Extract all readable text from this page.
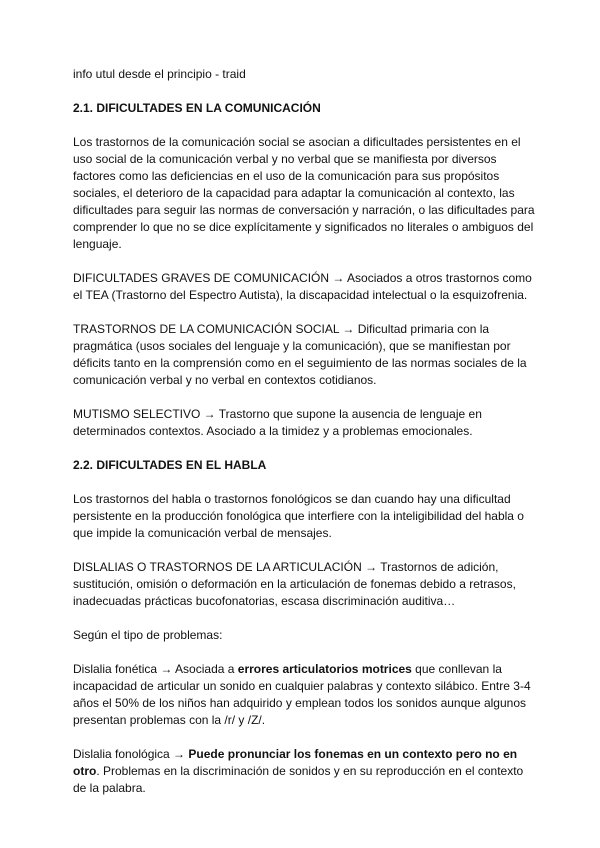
info utul desde el principio - traid

2.1. DIFICULTADES EN LA COMUNICACIÓN

Los trastornos de la comunicación social se asocian a dificultades persistentes en el uso social de la comunicación verbal y no verbal que se manifiesta por diversos factores como las deficiencias en el uso de la comunicación para sus propósitos sociales, el deterioro de la capacidad para adaptar la comunicación al contexto, las dificultades para seguir las normas de conversación y narración, o las dificultades para comprender lo que no se dice explícitamente y significados no literales o ambiguos del lenguaje.

DIFICULTADES GRAVES DE COMUNICACIÓN → Asociados a otros trastornos como el TEA (Trastorno del Espectro Autista), la discapacidad intelectual o la esquizofrenia.

TRASTORNOS DE LA COMUNICACIÓN SOCIAL → Dificultad primaria con la pragmática (usos sociales del lenguaje y la comunicación), que se manifiestan por déficits tanto en la comprensión como en el seguimiento de las normas sociales de la comunicación verbal y no verbal en contextos cotidianos.

MUTISMO SELECTIVO → Trastorno que supone la ausencia de lenguaje en determinados contextos. Asociado a la timidez y a problemas emocionales.

2.2. DIFICULTADES EN EL HABLA

Los trastornos del habla o trastornos fonológicos se dan cuando hay una dificultad persistente en la producción fonológica que interfiere con la inteligibilidad del habla o que impide la comunicación verbal de mensajes.

DISLALIAS O TRASTORNOS DE LA ARTICULACIÓN → Trastornos de adición, sustitución, omisión o deformación en la articulación de fonemas debido a retrasos, inadecuadas prácticas bucofonatorias, escasa discriminación auditiva…

Según el tipo de problemas:

Dislalia fonética → Asociada a errores articulatorios motrices que conllevan la incapacidad de articular un sonido en cualquier palabras y contexto silábico. Entre 3-4 años el 50% de los niños han adquirido y emplean todos los sonidos aunque algunos presentan problemas con la /r/ y /Z/.

Dislalia fonológica → Puede pronunciar los fonemas en un contexto pero no en otro. Problemas en la discriminación de sonidos y en su reproducción en el contexto de la palabra.
